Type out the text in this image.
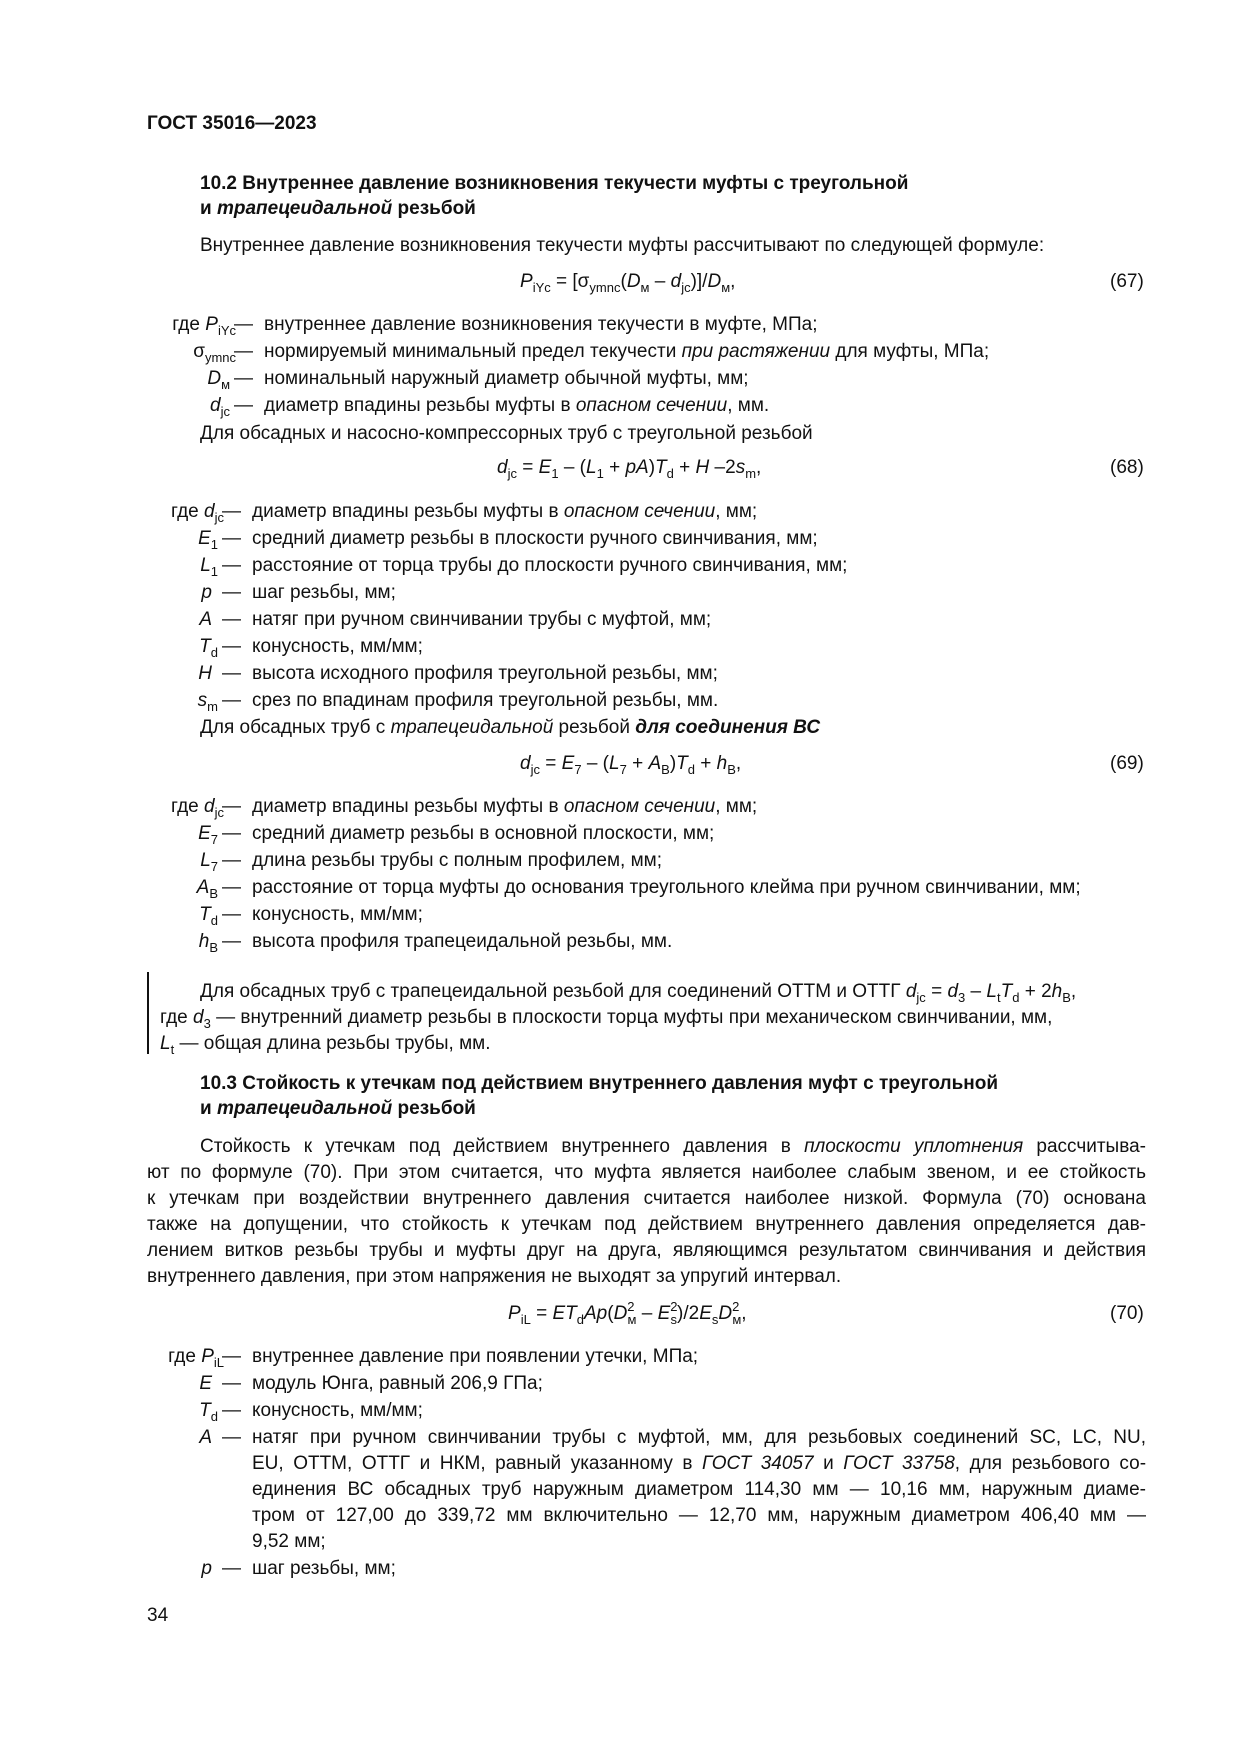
ГОСТ 35016—2023
10.2 Внутреннее давление возникновения текучести муфты с треугольной
и трапецеидальной резьбой
Внутреннее давление возникновения текучести муфты рассчитывают по следующей формуле:
$P_{iYc} = [\sigma_{ymnc}(D_м - d_{jc})]/D_м$,	(67)
где $P_{iYc}$
— внутреннее давление возникновения текучести в муфте, МПа;
$\sigma_{ymnc}$
— нормируемый минимальный предел текучести при растяжении для муфты, МПа;
$D_м$ — номинальный наружный диаметр обычной муфты, мм;
$d_{jc}$ — диаметр впадины резьбы муфты в опасном сечении, мм.
Для обсадных и насосно-компрессорных труб с треугольной резьбой
$d_{jc} = E_1 - (L_1 + pA)T_d + H$ $-2s_m$,	(68)
где $d_{jc}$
— диаметр впадины резьбы муфты в опасном сечении, мм;
$E_1$ — средний диаметр резьбы в плоскости ручного свинчивания, мм;
$L_1$ — расстояние от торца трубы до плоскости ручного свинчивания, мм;
p — шаг резьбы, мм;
A — натяг при ручном свинчивании трубы с муфтой, мм;
$T_d$ — конусность, мм/мм;
H — высота исходного профиля треугольной резьбы, мм;
$s_m$ — срез по впадинам профиля треугольной резьбы, мм.
Для обсадных труб с трапецеидальной резьбой для соединения ВС
$d_{jc} = E_7 - (L_7 + A_B)T_d + h_B$,	(69)
где $d_{jc}$
— диаметр впадины резьбы муфты в опасном сечении, мм;
$E_7$ — средний диаметр резьбы в основной плоскости, мм;
$L_7$ — длина резьбы трубы с полным профилем, мм;
$A_B$ — расстояние от торца муфты до основания треугольного клейма при ручном свинчивании, мм;
$T_d$ — конусность, мм/мм;
$h_B$ — высота профиля трапецеидальной резьбы, мм.
Для обсадных труб с трапецеидальной резьбой для соединений ОТТМ и ОТТГ $d_{jc} = d_3 - L_tT_d + 2h_B$,
где $d_3$ — внутренний диаметр резьбы в плоскости торца муфты при механическом свинчивании, мм,
$L_t$ — общая длина резьбы трубы, мм.
10.3 Стойкость к утечкам под действием внутреннего давления муфт с треугольной
и трапецеидальной резьбой
Стойкость к утечкам под действием внутреннего давления в плоскости уплотнения рассчитыва-
ют по формуле (70). При этом считается, что муфта является наиболее слабым звеном, и ее стойкость
к утечкам при воздействии внутреннего давления считается наиболее низкой. Формула (70) основана
также на допущении, что стойкость к утечкам под действием внутреннего давления определяется дав-
лением витков резьбы трубы и муфты друг на друга, являющимся результатом свинчивания и действия
внутреннего давления, при этом напряжения не выходят за упругий интервал.
$P_{iL} = ET_dAp(D^2_м - E^2_s)/2E_sD^2_м$,	(70)
где $P_{iL}$
— внутреннее давление при появлении утечки, МПа;
E — модуль Юнга, равный 206,9 ГПа;
$T_d$ — конусность, мм/мм;
A — натяг при ручном свинчивании трубы с муфтой, мм, для резьбовых соединений SC, LC, NU,
EU, ОТТМ, ОТТГ и НКМ, равный указанному в ГОСТ 34057 и ГОСТ 33758, для резьбового со-
единения ВС обсадных труб наружным диаметром 114,30 мм — 10,16 мм, наружным диаме-
тром от 127,00 до 339,72 мм включительно — 12,70 мм, наружным диаметром 406,40 мм —
9,52 мм;
p — шаг резьбы, мм;
34
